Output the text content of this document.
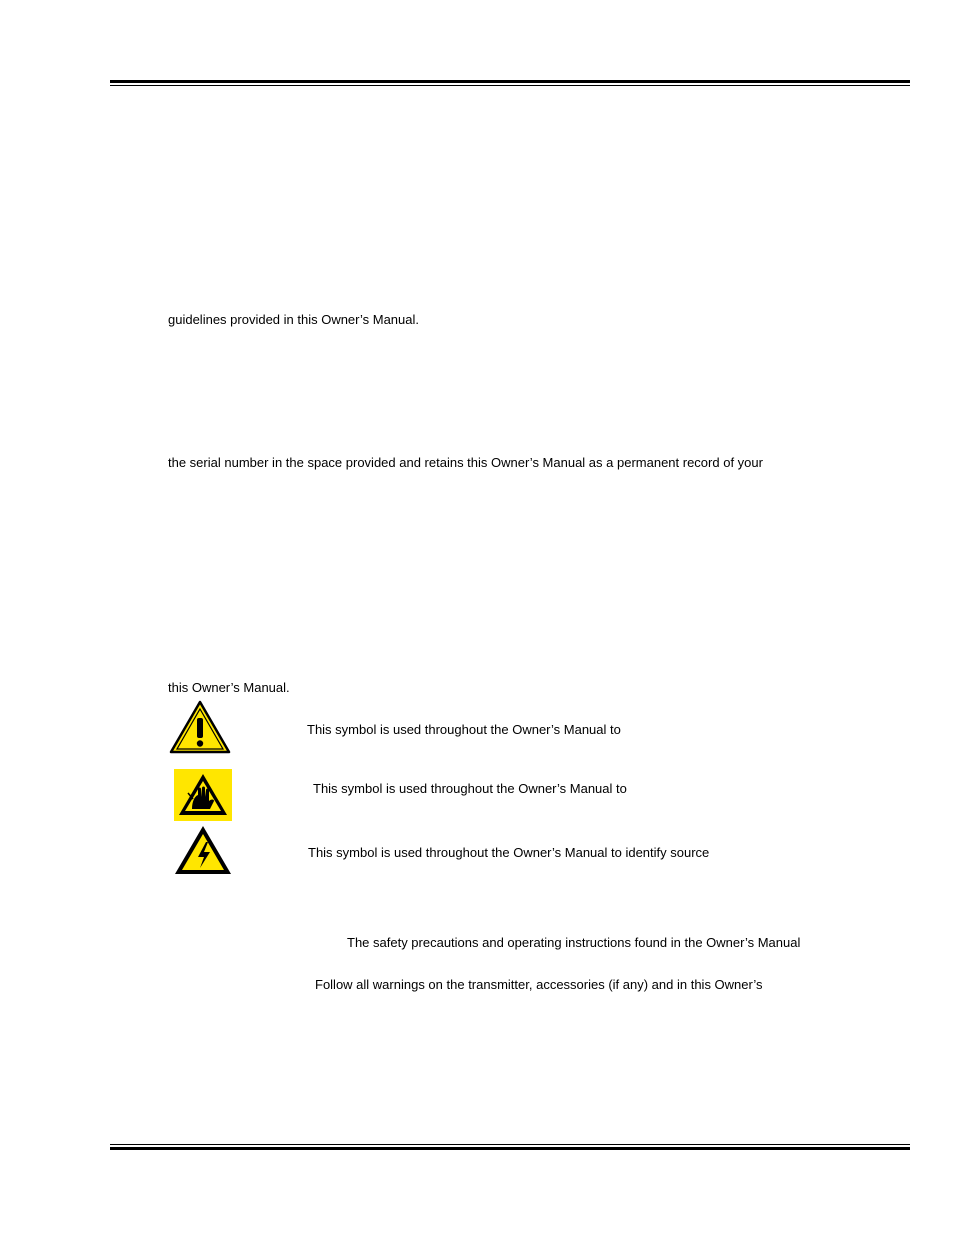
guidelines provided in this Owner’s Manual.
the serial number in the space provided and retains this Owner’s Manual as a permanent record of your
this Owner’s Manual.
This symbol is used throughout the Owner’s Manual to
This symbol is used throughout the Owner’s Manual to
This symbol is used throughout the Owner’s Manual to identify source
The safety precautions and operating instructions found in the Owner’s Manual
Follow all warnings on the transmitter, accessories (if any) and in this Owner’s
